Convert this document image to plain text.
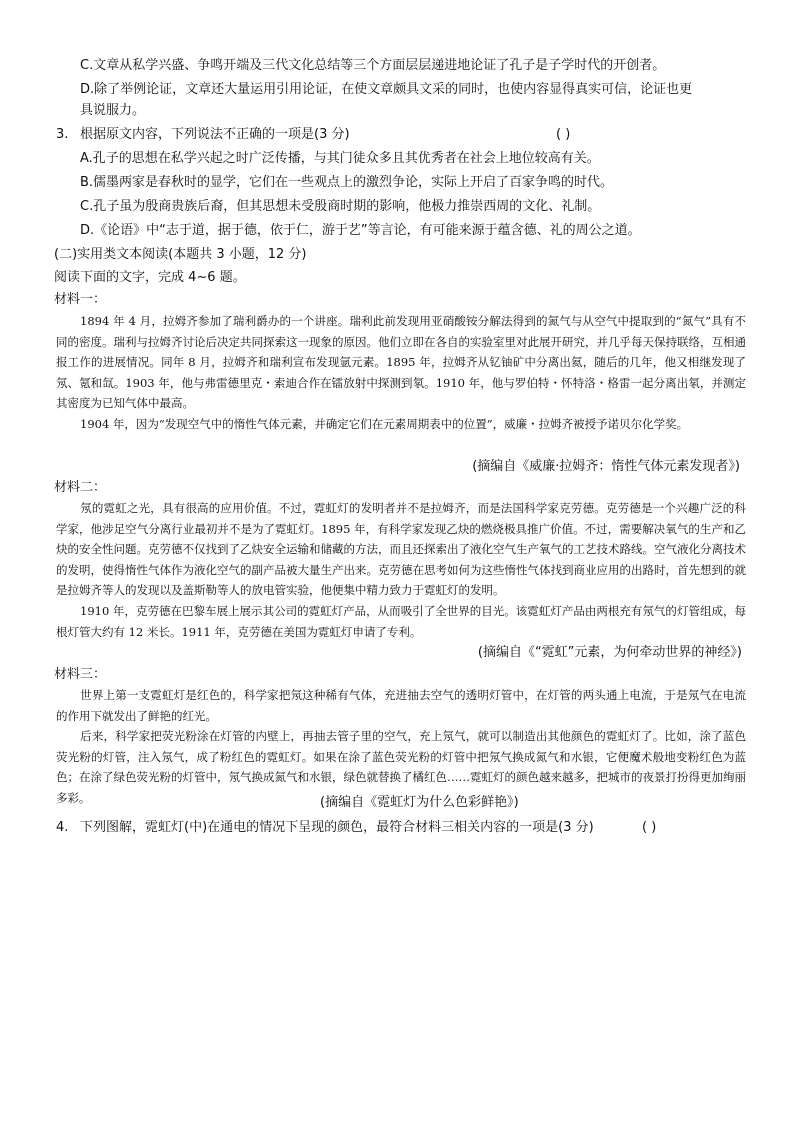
C.文章从私学兴盛、争鸣开端及三代文化总结等三个方面层层递进地论证了孔子是子学时代的开创者。
D.除了举例论证，文章还大量运用引用论证，在使文章颇具文采的同时，也使内容显得真实可信，论证也更
具说服力。
3. 根据原文内容，下列说法不正确的一项是(3 分)	( )
A.孔子的思想在私学兴起之时广泛传播，与其门徒众多且其优秀者在社会上地位较高有关。
B.儒墨两家是春秋时的显学，它们在一些观点上的激烈争论，实际上开启了百家争鸣的时代。
C.孔子虽为殷商贵族后裔，但其思想未受殷商时期的影响，他极力推崇西周的文化、礼制。
D.《论语》中“志于道，据于德，依于仁，游于艺”等言论，有可能来源于蕴含德、礼的周公之道。
(二)实用类文本阅读(本题共 3 小题，12 分)
阅读下面的文字，完成 4~6 题。
材料一：
1894 年 4 月，拉姆齐参加了瑞利爵办的一个讲座。瑞利此前发现用亚硝酸铵分解法得到的氮气与从空气中提取到的“氮气”具有不同的密度。瑞利与拉姆齐讨论后决定共同探索这一现象的原因。他们立即在各自的实验室里对此展开研究，并几乎每天保持联络，互相通报工作的进展情况。同年 8 月，拉姆齐和瑞利宣布发现氩元素。1895 年，拉姆齐从钇铀矿中分离出氦，随后的几年，他又相继发现了氖、氪和氙。1903 年，他与弗雷德里克・索迪合作在镭放射中探测到氡。1910 年，他与罗伯特・怀特洛・格雷一起分离出氡，并测定其密度为已知气体中最高。
1904 年，因为“发现空气中的惰性气体元素，并确定它们在元素周期表中的位置”，威廉・拉姆齐被授予诺贝尔化学奖。
(摘编自《威廉·拉姆齐：惰性气体元素发现者》)
材料二：
氖的霓虹之光，具有很高的应用价值。不过，霓虹灯的发明者并不是拉姆齐，而是法国科学家克劳德。克劳德是一个兴趣广泛的科学家，他涉足空气分离行业最初并不是为了霓虹灯。1895 年，有科学家发现乙炔的燃烧极具推广价值。不过，需要解决氧气的生产和乙炔的安全性问题。克劳德不仅找到了乙炔安全运输和储藏的方法，而且还探索出了液化空气生产氧气的工艺技术路线。空气液化分离技术的发明，使得惰性气体作为液化空气的副产品被大量生产出来。克劳德在思考如何为这些惰性气体找到商业应用的出路时，首先想到的就是拉姆齐等人的发现以及盖斯勒等人的放电管实验，他便集中精力致力于霓虹灯的发明。
1910 年，克劳德在巴黎车展上展示其公司的霓虹灯产品，从而吸引了全世界的目光。该霓虹灯产品由两根充有氖气的灯管组成，每根灯管大约有 12 米长。1911 年，克劳德在美国为霓虹灯申请了专利。
(摘编自《“霓虹”元素，为何牵动世界的神经》)
材料三：
世界上第一支霓虹灯是红色的，科学家把氖这种稀有气体，充进抽去空气的透明灯管中，在灯管的两头通上电流，于是氖气在电流的作用下就发出了鲜艳的红光。
后来，科学家把荧光粉涂在灯管的内壁上，再抽去管子里的空气，充上氖气，就可以制造出其他颜色的霓虹灯了。比如，涂了蓝色荧光粉的灯管，注入氖气，成了粉红色的霓虹灯。如果在涂了蓝色荧光粉的灯管中把氖气换成氮气和水银，它便魔术般地变粉红色为蓝色；在涂了绿色荧光粉的灯管中，氖气换成氮气和水银，绿色就替换了橘红色……霓虹灯的颜色越来越多，把城市的夜景打扮得更加绚丽多彩。	(摘编自《霓虹灯为什么色彩鲜艳》)
4. 下列图解，霓虹灯(中)在通电的情况下呈现的颜色，最符合材料三相关内容的一项是(3 分)	( )
